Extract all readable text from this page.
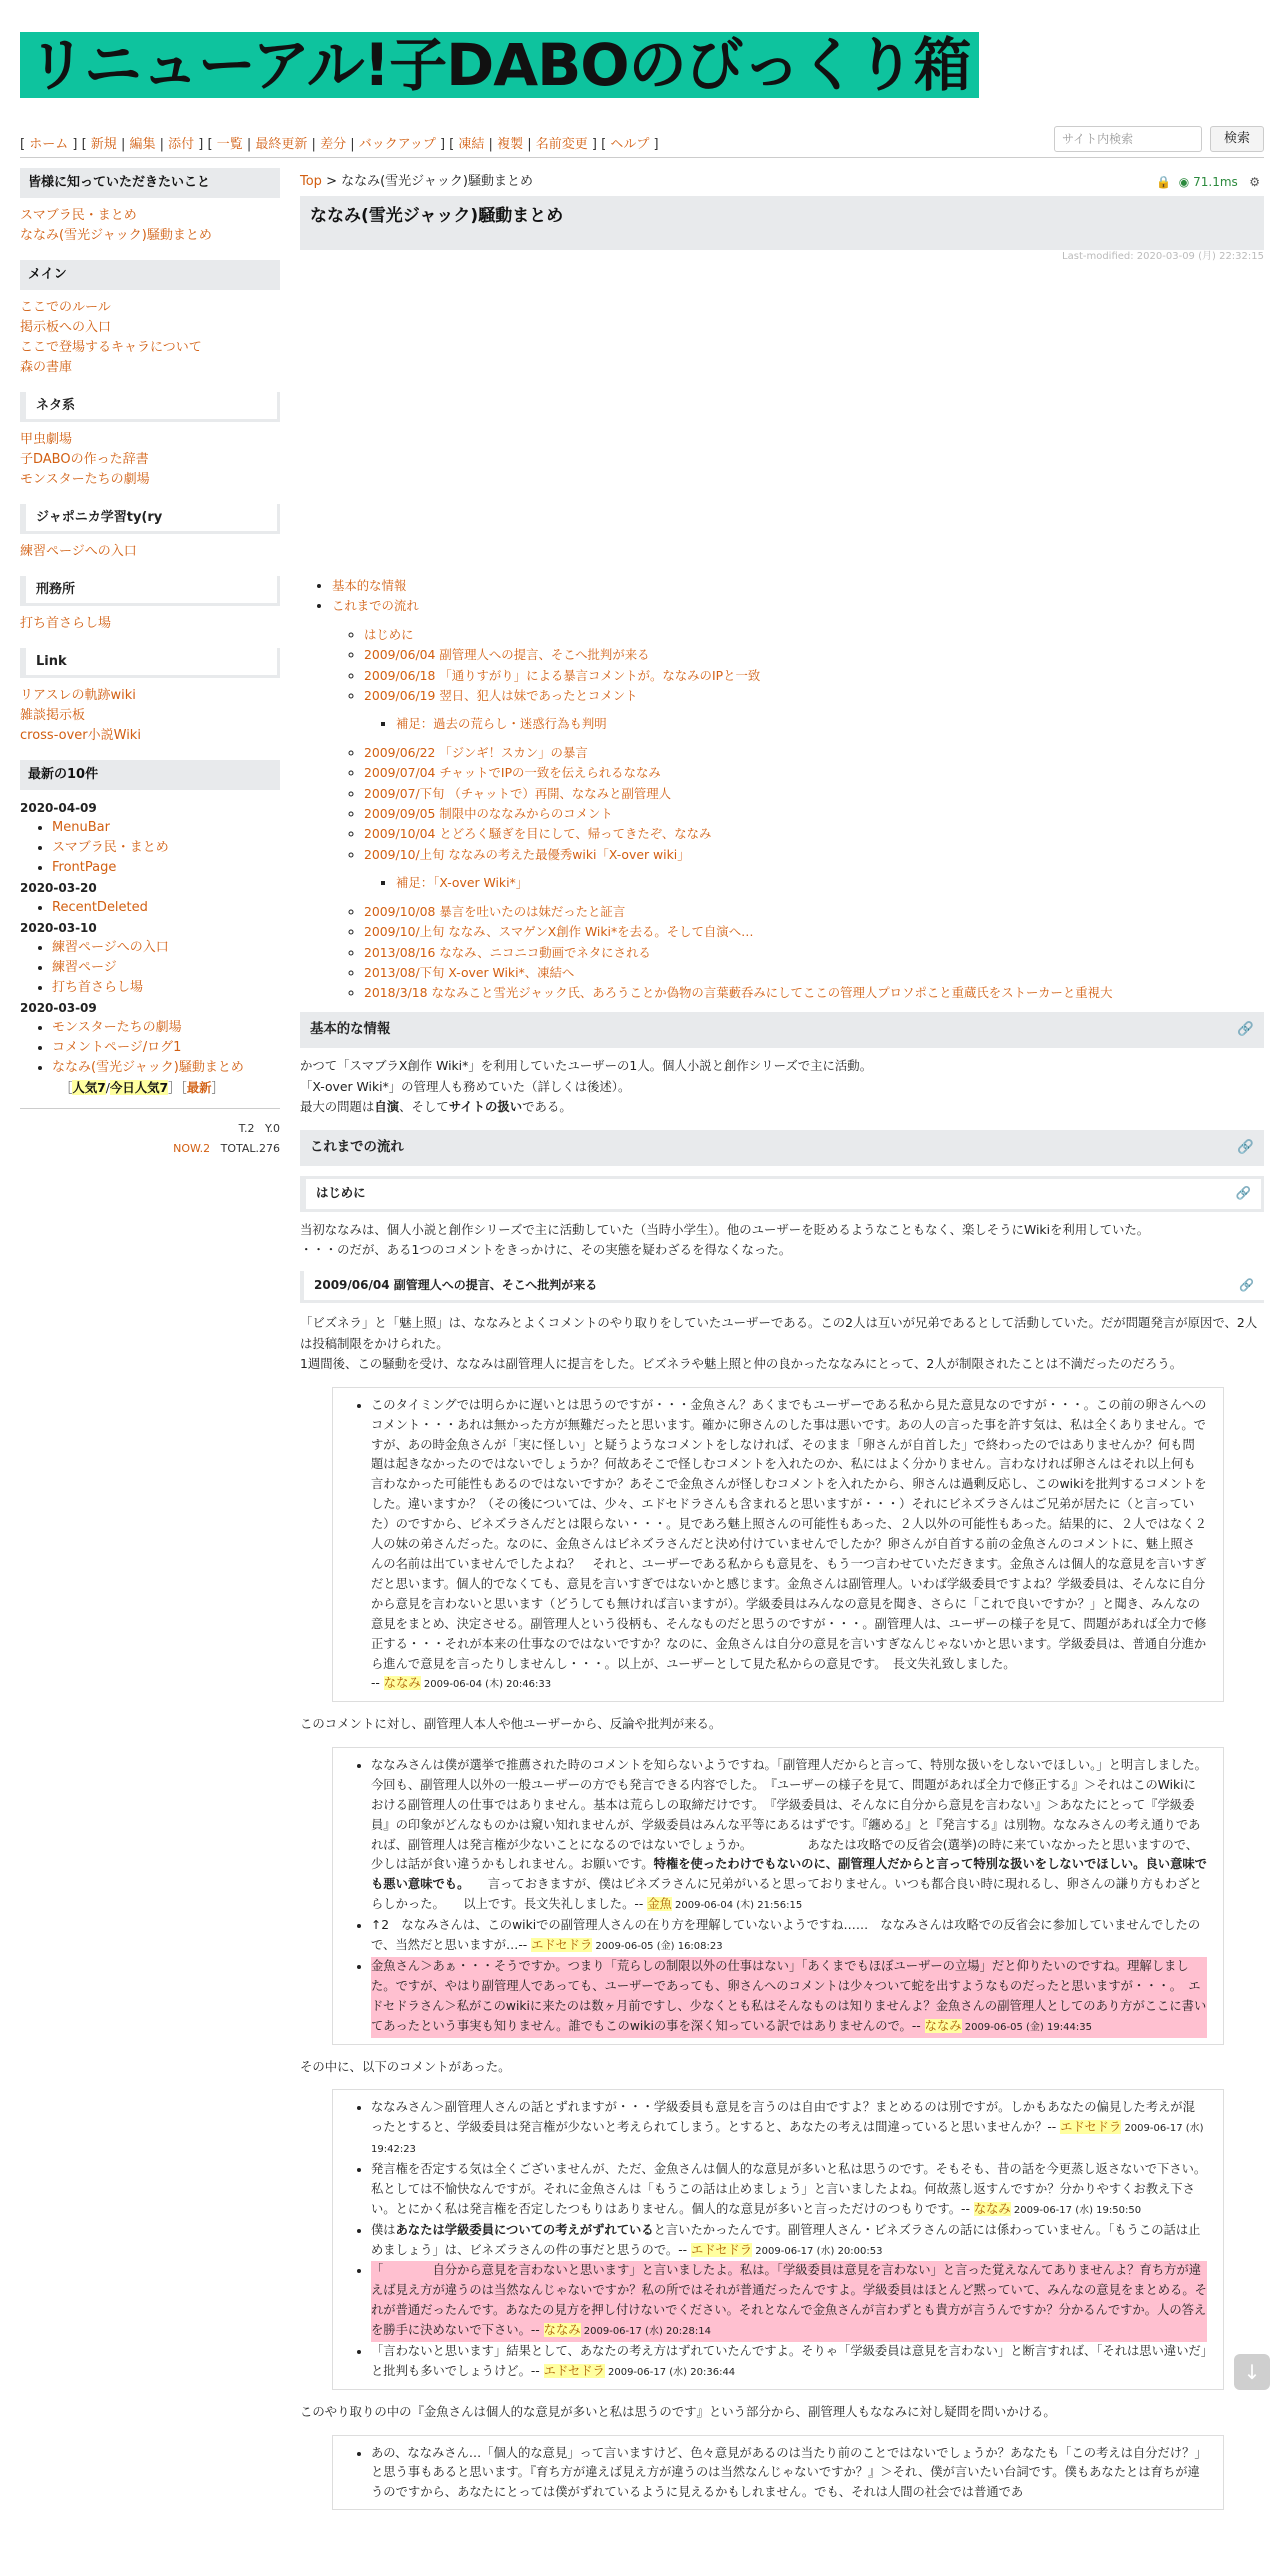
リニューアル!子DABOのびっくり箱
[ ホーム ] [ 新規 | 編集 | 添付 ] [ 一覧 | 最終更新 | 差分 | バックアップ ] [ 凍結 | 複製 | 名前変更 ] [ ヘルプ ]	サイト内検索	検索
皆様に知っていただきたいこと
スマブラ民・まとめ
ななみ(雪光ジャック)騒動まとめ
メイン
ここでのルール
掲示板への入口
ここで登場するキャラについて
森の書庫
ネタ系
甲虫劇場
子DABOの作った辞書
モンスターたちの劇場
ジャポニカ学習ty(ry
練習ページへの入口
刑務所
打ち首さらし場
Link
リアスレの軌跡wiki
雑談掲示板
cross-over小説Wiki
最新の10件
2020-04-09
• MenuBar
• スマブラ民・まとめ
• FrontPage
2020-03-20
• RecentDeleted
2020-03-10
• 練習ページへの入口
• 練習ページ
• 打ち首さらし場
2020-03-09
• モンスターたちの劇場
• コメントページ/ログ1
• ななみ(雪光ジャック)騒動まとめ
［人気7/今日人気7］［最新］
T.2 Y.0
NOW.2 TOTAL.276
Top > ななみ(雪光ジャック)騒動まとめ	🔒 ◉ 71.1ms ⚙
ななみ(雪光ジャック)騒動まとめ
Last-modified: 2020-03-09 (月) 22:32:15
• 基本的な情報
• これまでの流れ
◦ はじめに
◦ 2009/06/04 副管理人への提言、そこへ批判が来る
◦ 2009/06/18 「通りすがり」による暴言コメントが。ななみのIPと一致
◦ 2009/06/19 翌日、犯人は妹であったとコメント
▪ 補足：過去の荒らし・迷惑行為も判明
◦ 2009/06/22 「ジンギ！スカン」の暴言
◦ 2009/07/04 チャットでIPの一致を伝えられるななみ
◦ 2009/07/下旬 （チャットで）再開、ななみと副管理人
◦ 2009/09/05 制限中のななみからのコメント
◦ 2009/10/04 とどろく騒ぎを目にして、帰ってきたぞ、ななみ
◦ 2009/10/上旬 ななみの考えた最優秀wiki「X-over wiki」
▪ 補足：「X-over Wiki*」
◦ 2009/10/08 暴言を吐いたのは妹だったと証言
◦ 2009/10/上旬 ななみ、スマゲンX創作 Wiki*を去る。そして自演へ…
◦ 2013/08/16 ななみ、ニコニコ動画でネタにされる
◦ 2013/08/下旬 X-over Wiki*、凍結へ
◦ 2018/3/18 ななみこと雪光ジャック氏、あろうことか偽物の言葉藪呑みにしてここの管理人プロソポこと重蔵氏をストーカーと重視大
基本的な情報	🔗
かつて「スマブラX創作 Wiki*」を利用していたユーザーの1人。個人小説と創作シリーズで主に活動。
「X-over Wiki*」の管理人も務めていた（詳しくは後述）。
最大の問題は自演、そしてサイトの扱いである。
これまでの流れ	🔗
はじめに	🔗
当初ななみは、個人小説と創作シリーズで主に活動していた（当時小学生）。他のユーザーを貶めるようなこともなく、楽しそうにWikiを利用していた。
・・・のだが、ある1つのコメントをきっかけに、その実態を疑わざるを得なくなった。
2009/06/04 副管理人への提言、そこへ批判が来る	🔗
「ビズネラ」と「魅上照」は、ななみとよくコメントのやり取りをしていたユーザーである。この2人は互いが兄弟であるとして活動していた。だが問題発言が原因で、2人は投稿制限をかけられた。
1週間後、この騒動を受け、ななみは副管理人に提言をした。ビズネラや魅上照と仲の良かったななみにとって、2人が制限されたことは不満だったのだろう。
• このタイミングでは明らかに遅いとは思うのですが・・・金魚さん？あくまでもユーザーである私から見た意見なのですが・・・。この前の卵さんへのコメント・・・あれは無かった方が無難だったと思います。確かに卵さんのした事は悪いです。あの人の言った事を許す気は、私は全くありません。ですが、あの時金魚さんが「実に怪しい」と疑うようなコメントをしなければ、そのまま「卵さんが自首した」で終わったのではありませんか？何も問題は起きなかったのではないでしょうか？何故あそこで怪しむコメントを入れたのか、私にはよく分かりません。言わなければ卵さんはそれ以上何も言わなかった可能性もあるのではないですか？あそこで金魚さんが怪しむコメントを入れたから、卵さんは過剰反応し、このwikiを批判するコメントをした。違いますか？（その後については、少々、エドセドラさんも含まれると思いますが・・・）それにビネズラさんはご兄弟が居たに（と言っていた）のですから、ビネズラさんだとは限らない・・・。見であろ魅上照さんの可能性もあった、２人以外の可能性もあった。結果的に、２人ではなく２人の妹の弟さんだった。なのに、金魚さんはビネズラさんだと決め付けていませんでしたか？卵さんが自首する前の金魚さんのコメントに、魅上照さんの名前は出ていませんでしたよね？　それと、ユーザーである私からも意見を、もう一つ言わせていただきます。金魚さんは個人的な意見を言いすぎだと思います。個人的でなくても、意見を言いすぎではないかと感じます。金魚さんは副管理人。いわば学級委員ですよね？学級委員は、そんなに自分から意見を言わないと思います（どうしても無ければ言いますが）。学級委員はみんなの意見を聞き、さらに「これで良いですか？」と聞き、みんなの意見をまとめ、決定させる。副管理人という役柄も、そんなものだと思うのですが・・・。副管理人は、ユーザーの様子を見て、問題があれば全力で修正する・・・それが本来の仕事なのではないですか？なのに、金魚さんは自分の意見を言いすぎなんじゃないかと思います。学級委員は、普通自分進から進んで意見を言ったりしませんし・・・。以上が、ユーザーとして見た私からの意見です。　長文失礼致しました。
-- ななみ 2009-06-04 (木) 20:46:33
このコメントに対し、副管理人本人や他ユーザーから、反論や批判が来る。
• ななみさんは僕が選挙で推薦された時のコメントを知らないようですね。「副管理人だからと言って、特別な扱いをしないでほしい。」と明言しました。今回も、副管理人以外の一般ユーザーの方でも発言できる内容でした。　『ユーザーの様子を見て、問題があれば全力で修正する』＞それはこのWikiにおける副管理人の仕事ではありません。基本は荒らしの取締だけです。　『学級委員は、そんなに自分から意見を言わない』＞あなたにとって『学級委員』の印象がどんなものかは窺い知れませんが、学級委員はみんな平等にあるはずです。『纏める』と『発言する』は別物。ななみさんの考え通りであれば、副管理人は発言権が少ないことになるのではないでしょうか。　　　　　あなたは攻略での反省会(選挙)の時に来ていなかったと思いますので、少しは話が食い違うかもしれません。お願いです。特権を使ったわけでもないのに、副管理人だからと言って特別な扱いをしないでほしい。良い意味でも悪い意味でも。　　言っておきますが、僕はビネズラさんに兄弟がいると思っておりません。いつも都合良い時に現れるし、卵さんの謙り方もわざとらしかった。　　以上です。長文失礼しました。-- 金魚 2009-06-04 (木) 21:56:15
• ↑2　ななみさんは、このwikiでの副管理人さんの在り方を理解していないようですね……　ななみさんは攻略での反省会に参加していませんでしたので、当然だと思いますが…-- エドセドラ 2009-06-05 (金) 16:08:23
• 金魚さん＞あぁ・・・そうですか。つまり「荒らしの制限以外の仕事はない」「あくまでもほぼユーザーの立場」だと仰りたいのですね。理解しました。ですが、やはり副管理人であっても、ユーザーであっても、卵さんへのコメントは少々ついて蛇を出すようなものだったと思いますが・・・。　エドセドラさん＞私がこのwikiに来たのは数ヶ月前ですし、少なくとも私はそんなものは知りませんよ？金魚さんの副管理人としてのあり方がここに書いてあったという事実も知りません。誰でもこのwikiの事を深く知っている訳ではありませんので。-- ななみ 2009-06-05 (金) 19:44:35
その中に、以下のコメントがあった。
• ななみさん＞副管理人さんの話とずれますが・・・学級委員も意見を言うのは自由ですよ？まとめるのは別ですが。しかもあなたの偏見した考えが混ったとすると、学級委員は発言権が少ないと考えられてしまう。とすると、あなたの考えは間違っていると思いませんか？-- エドセドラ 2009-06-17 (水) 19:42:23
• 発言権を否定する気は全くございませんが、ただ、金魚さんは個人的な意見が多いと私は思うのです。そもそも、昔の話を今更蒸し返さないで下さい。私としては不愉快なんですが。それに金魚さんは「もうこの話は止めましょう」と言いましたよね。何故蒸し返すんですか？分かりやすくお教え下さい。とにかく私は発言権を否定したつもりはありません。個人的な意見が多いと言っただけのつもりです。-- ななみ 2009-06-17 (水) 19:50:50
• 僕はあなたは学級委員についての考えがずれていると言いたかったんです。副管理人さん・ビネズラさんの話には係わっていません。「もうこの話は止めましょう」は、ビネズラさんの件の事だと思うので。-- エドセドラ 2009-06-17 (水) 20:00:53
• 「　　　　自分から意見を言わないと思います」と言いましたよ。私は。「学級委員は意見を言わない」と言った覚えなんてありませんよ？育ち方が違えば見え方が違うのは当然なんじゃないですか？私の所ではそれが普通だったんですよ。学級委員はほとんど黙っていて、みんなの意見をまとめる。それが普通だったんです。あなたの見方を押し付けないでください。それとなんで金魚さんが言わずとも貴方が言うんですか？分かるんですか。人の答えを勝手に決めないで下さい。-- ななみ 2009-06-17 (水) 20:28:14
• 「言わないと思います」結果として、あなたの考え方はずれていたんですよ。そりゃ「学級委員は意見を言わない」と断言すれば、「それは思い違いだ」と批判も多いでしょうけど。-- エドセドラ 2009-06-17 (水) 20:36:44
このやり取りの中の『金魚さんは個人的な意見が多いと私は思うのです』という部分から、副管理人もななみに対し疑問を問いかける。
• あの、ななみさん…「個人的な意見」って言いますけど、色々意見があるのは当たり前のことではないでしょうか？あなたも「この考えは自分だけ？」と思う事もあると思います。『育ち方が違えば見え方が違うのは当然なんじゃないですか？』＞それ、僕が言いたい台詞です。僕もあなたとは育ちが違うのですから、あなたにとっては僕がずれているように見えるかもしれません。でも、それは人間の社会では普通であ
↓
